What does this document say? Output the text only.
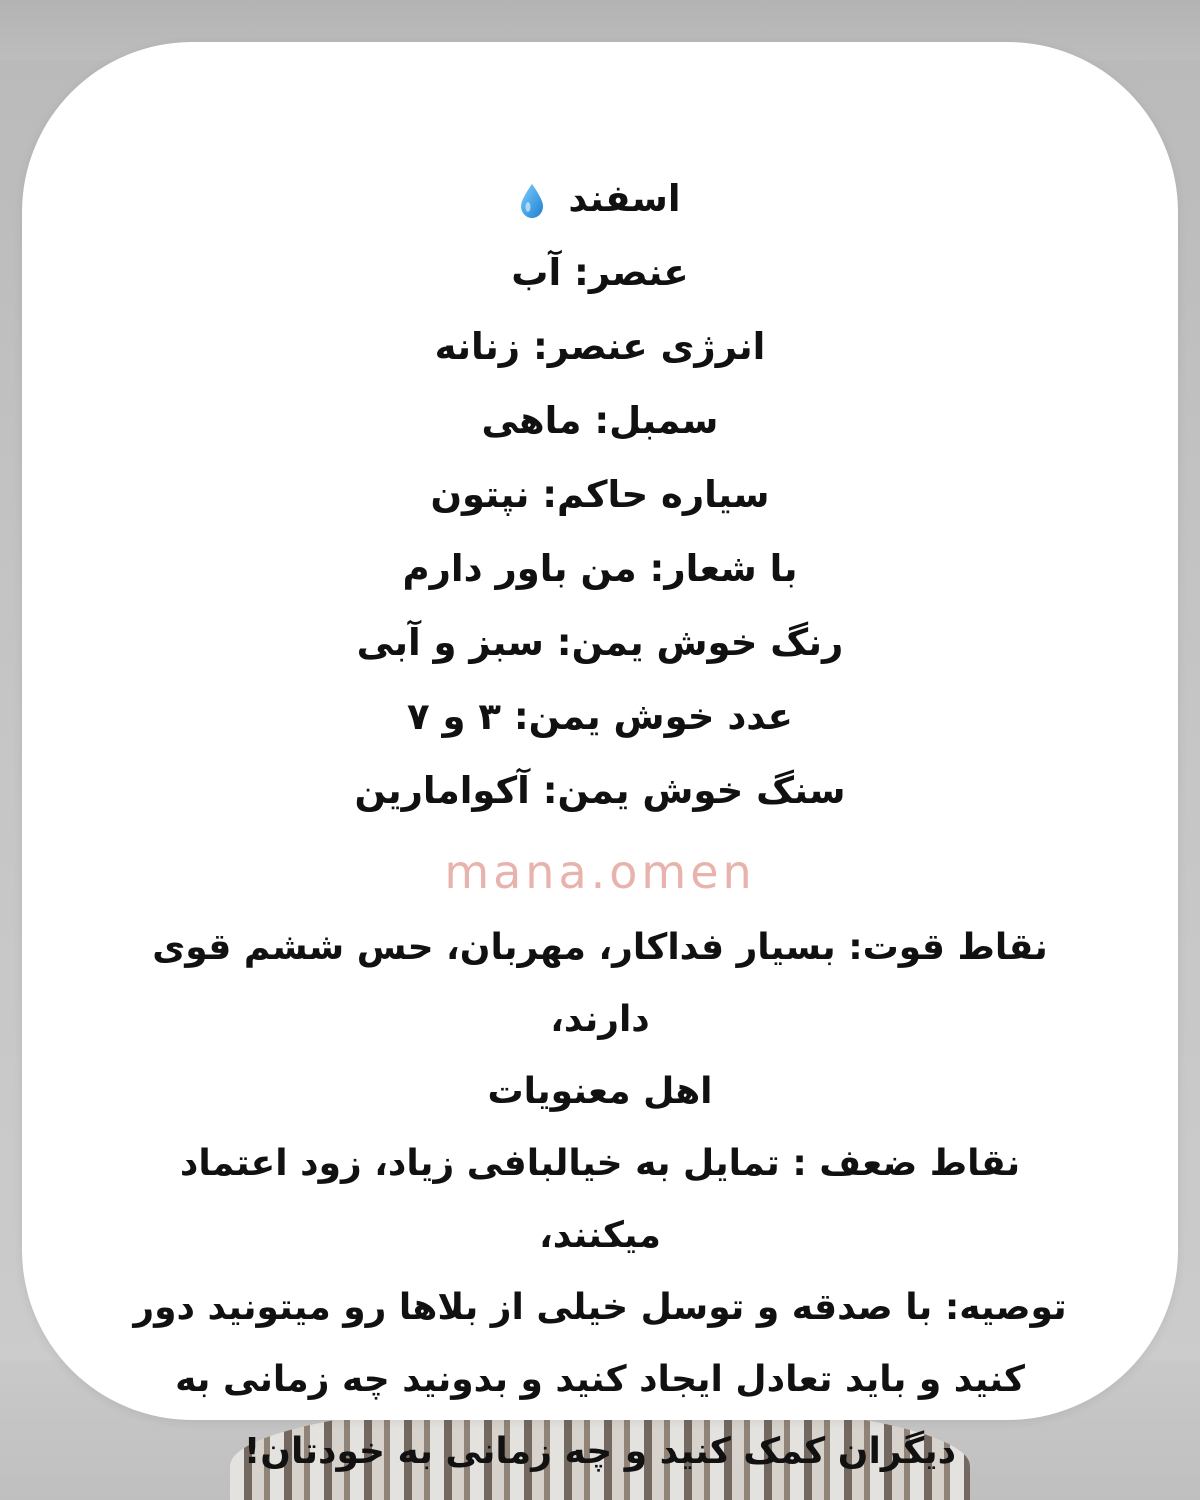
اسفند

عنصر: آب

انرژی عنصر: زنانه

سمبل: ماهی

سیاره حاکم: نپتون

با شعار: من باور دارم

رنگ خوش یمن: سبز و آبی

عدد خوش یمن: ۳ و ۷

سنگ خوش یمن: آکوامارین

mana.omen

نقاط قوت: بسیار فداکار، مهربان، حس ششم قوی دارند،

اهل معنویات

نقاط ضعف : تمایل به خیالبافی زیاد، زود اعتماد میکنند،

توصیه: با صدقه و توسل خیلی از بلاها رو میتونید دور

کنید و باید تعادل ایجاد کنید و بدونید چه زمانی به

دیگران کمک کنید و چه زمانی به خودتان!
